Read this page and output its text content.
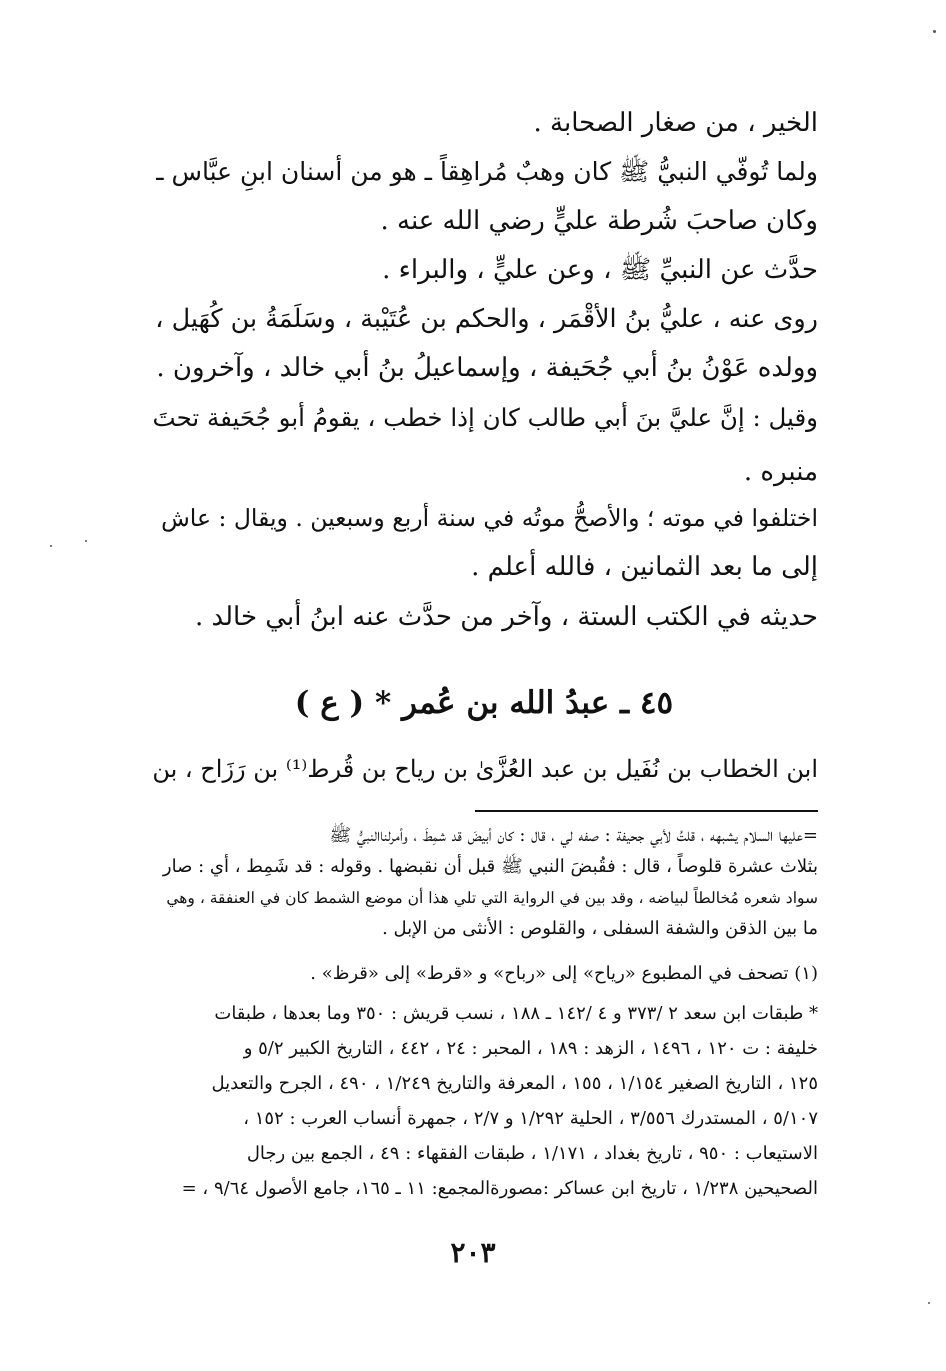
الخير ، من صغار الصحابة .
ولما تُوفّي النبيُّ ﷺ كان وهبٌ مُراهِقاً ـ هو من أسنان ابنِ عبَّاس ـ
وكان صاحبَ شُرطة عليٍّ رضي الله عنه .
حدَّث عن النبيِّ ﷺ ، وعن عليٍّ ، والبراء .
روى عنه ، عليُّ بنُ الأقْمَر ، والحكم بن عُتَيْبة ، وسَلَمَةُ بن كُهَيل ،
وولده عَوْنُ بنُ أبي جُحَيفة ، وإسماعيلُ بنُ أبي خالد ، وآخرون .
وقيل : إنَّ عليَّ بنَ أبي طالب كان إذا خطب ، يقومُ أبو جُحَيفة تحتَ
منبره .
اختلفوا في موته ؛ والأصحُّ موتُه في سنة أربع وسبعين . ويقال : عاش
إلى ما بعد الثمانين ، فالله أعلم .
حديثه في الكتب الستة ، وآخر من حدَّث عنه ابنُ أبي خالد .
٤٥ ـ عبدُ الله بن عُمر * ( ع )
ابن الخطاب بن نُفَيل بن عبد العُزَّىٰ بن رياح بن قُرط⁽¹⁾ بن رَزَاح ، بن
=عليها السلام يشبهه ، قلتُ لأبي جحيفة : صفه لي ، قال : كان أبيضَ قد شمِطَ ، وأمرلناالنبيُّ ﷺ
بثلاث عشرة قلوصاً ، قال : فقُبضَ النبي ﷺ قبل أن نقبضها . وقوله : قد شَمِط ، أي : صار
سواد شعره مُخالطاً لبياضه ، وقد بين في الرواية التي تلي هذا أن موضع الشمط كان في العنفقة ، وهي
ما بين الذقن والشفة السفلى ، والقلوص : الأنثى من الإبل .
(١) تصحف في المطبوع «رياح» إلى «رباح» و «قرط» إلى «قرظ» .
* طبقات ابن سعد ٢ /٣٧٣ و ٤ /١٤٢ ـ ١٨٨ ، نسب قريش : ٣٥٠ وما بعدها ، طبقات
خليفة : ت ١٢٠ ، ١٤٩٦ ، الزهد : ١٨٩ ، المحبر : ٢٤ ، ٤٤٢ ، التاريخ الكبير ٥/٢ و
١٢٥ ، التاريخ الصغير ١/١٥٤ ، ١٥٥ ، المعرفة والتاريخ ١/٢٤٩ ، ٤٩٠ ، الجرح والتعديل
٥/١٠٧ ، المستدرك ٣/٥٥٦ ، الحلية ١/٢٩٢ و ٢/٧ ، جمهرة أنساب العرب : ١٥٢ ،
الاستيعاب : ٩٥٠ ، تاريخ بغداد ، ١/١٧١ ، طبقات الفقهاء : ٤٩ ، الجمع بين رجال
الصحيحين ١/٢٣٨ ، تاريخ ابن عساكر :مصورةالمجمع: ١١ ـ ١٦٥، جامع الأصول ٩/٦٤ ، =
٢٠٣
